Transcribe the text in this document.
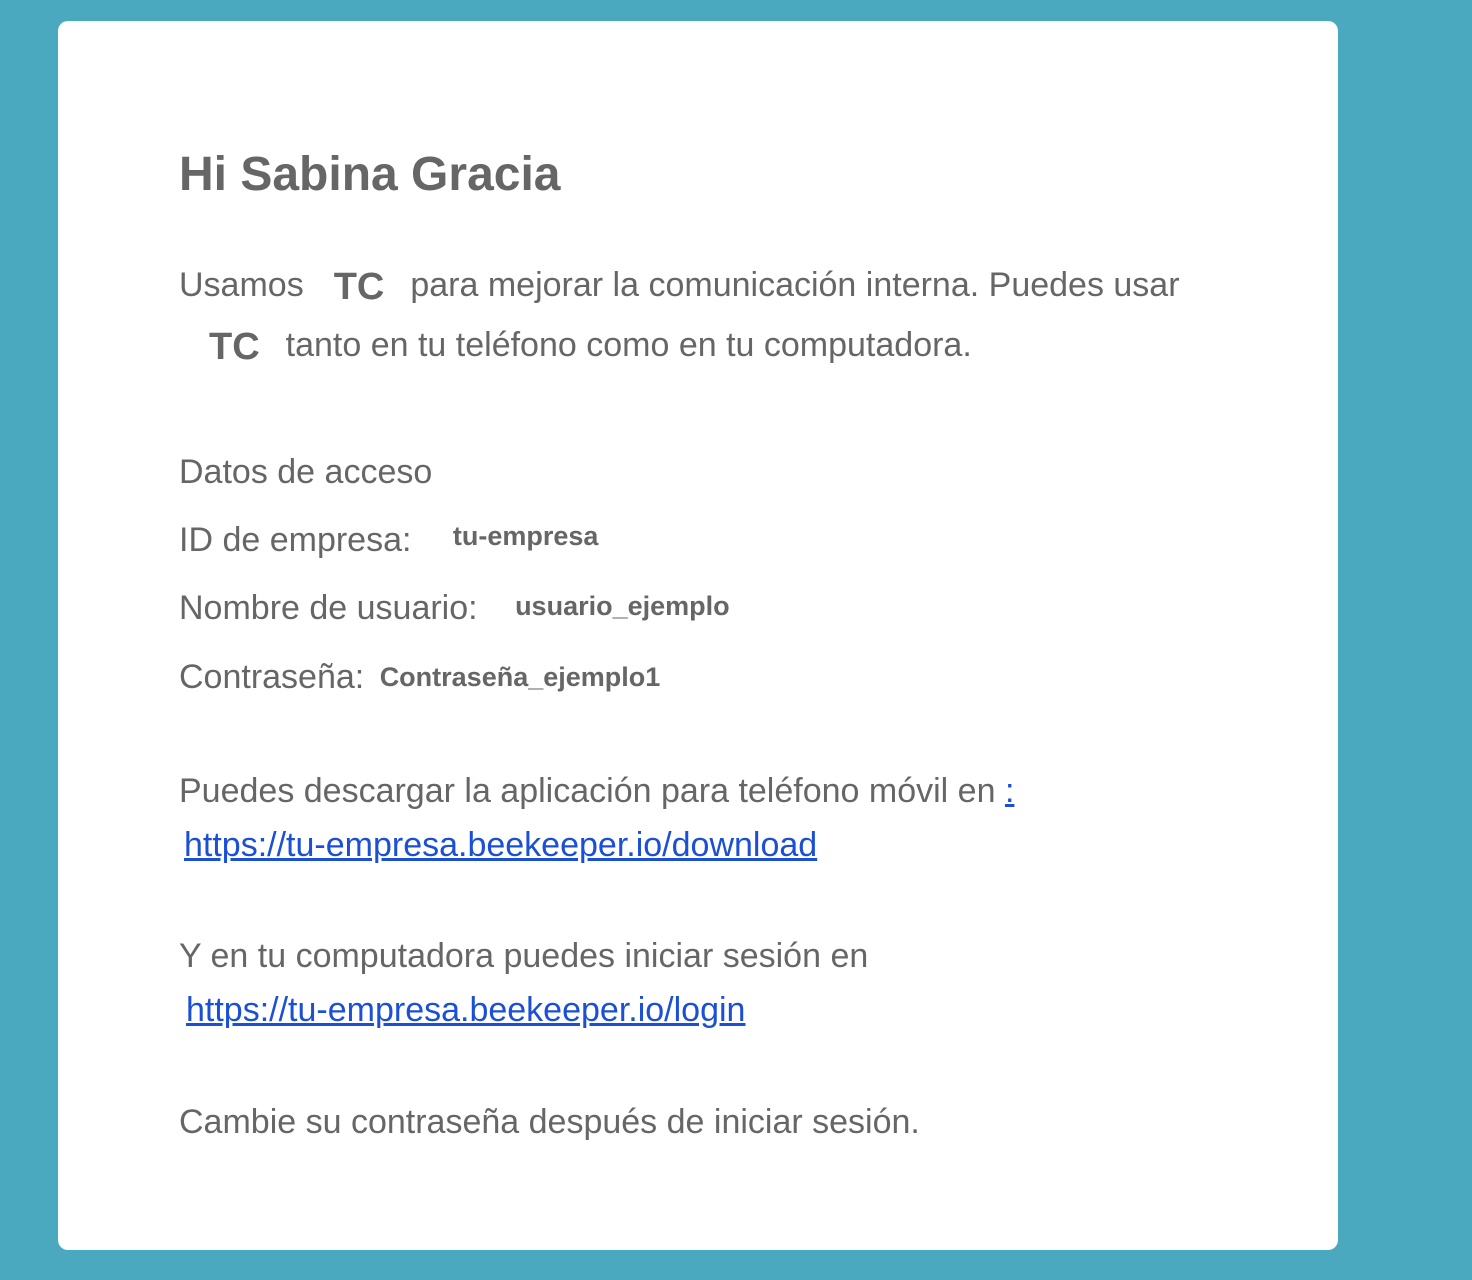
Hi Sabina Gracia

Usamos TC para mejorar la comunicación interna. Puedes usarTC tanto en tu teléfono como en tu computadora.

Datos de acceso
ID de empresa: tu-empresa
Nombre de usuario: usuario_ejemplo
Contraseña: Contraseña_ejemplo1
Puedes descargar la aplicación para teléfono móvil en :
https://tu-empresa.beekeeper.io/download
Y en tu computadora puedes iniciar sesión en
https://tu-empresa.beekeeper.io/login
Cambie su contraseña después de iniciar sesión.
